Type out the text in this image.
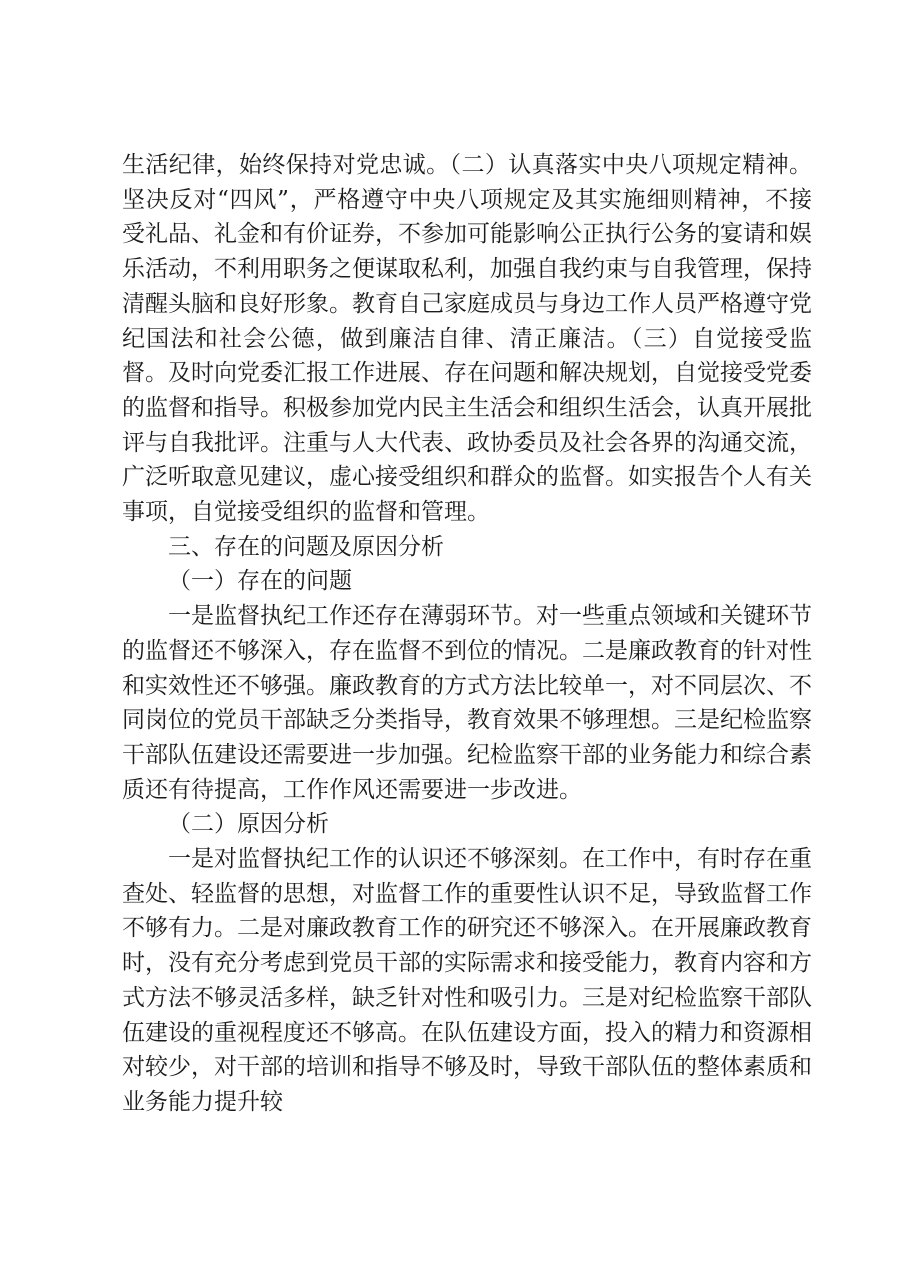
生活纪律，始终保持对党忠诚。（二）认真落实中央八项规定精神。坚决反对“四风”，严格遵守中央八项规定及其实施细则精神，不接受礼品、礼金和有价证券，不参加可能影响公正执行公务的宴请和娱乐活动，不利用职务之便谋取私利，加强自我约束与自我管理，保持清醒头脑和良好形象。教育自己家庭成员与身边工作人员严格遵守党纪国法和社会公德，做到廉洁自律、清正廉洁。（三）自觉接受监督。及时向党委汇报工作进展、存在问题和解决规划，自觉接受党委的监督和指导。积极参加党内民主生活会和组织生活会，认真开展批评与自我批评。注重与人大代表、政协委员及社会各界的沟通交流，广泛听取意见建议，虚心接受组织和群众的监督。如实报告个人有关事项，自觉接受组织的监督和管理。

三、存在的问题及原因分析

（一）存在的问题

一是监督执纪工作还存在薄弱环节。对一些重点领域和关键环节的监督还不够深入，存在监督不到位的情况。二是廉政教育的针对性和实效性还不够强。廉政教育的方式方法比较单一，对不同层次、不同岗位的党员干部缺乏分类指导，教育效果不够理想。三是纪检监察干部队伍建设还需要进一步加强。纪检监察干部的业务能力和综合素质还有待提高，工作作风还需要进一步改进。

（二）原因分析

一是对监督执纪工作的认识还不够深刻。在工作中，有时存在重查处、轻监督的思想，对监督工作的重要性认识不足，导致监督工作不够有力。二是对廉政教育工作的研究还不够深入。在开展廉政教育时，没有充分考虑到党员干部的实际需求和接受能力，教育内容和方式方法不够灵活多样，缺乏针对性和吸引力。三是对纪检监察干部队伍建设的重视程度还不够高。在队伍建设方面，投入的精力和资源相对较少，对干部的培训和指导不够及时，导致干部队伍的整体素质和业务能力提升较
